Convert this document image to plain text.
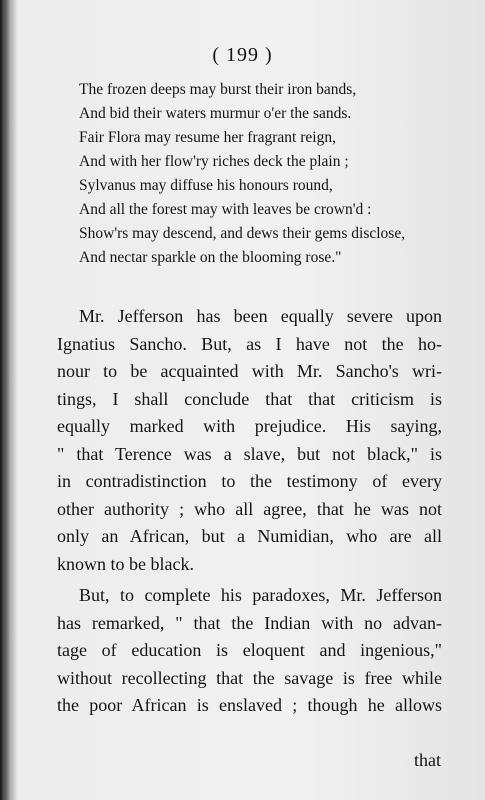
( 199 )
The frozen deeps may burst their iron bands,
And bid their waters murmur o'er the sands.
Fair Flora may resume her fragrant reign,
And with her flow'ry riches deck the plain ;
Sylvanus may diffuse his honours round,
And all the forest may with leaves be crown'd :
Show'rs may descend, and dews their gems disclose,
And nectar sparkle on the blooming rose."
Mr. Jefferson has been equally severe upon
Ignatius Sancho. But, as I have not the ho-
nour to be acquainted with Mr. Sancho's wri-
tings, I shall conclude that that criticism is
equally marked with prejudice. His saying,
" that Terence was a slave, but not black," is
in contradistinction to the testimony of every
other authority ; who all agree, that he was not
only an African, but a Numidian, who are all
known to be black.
But, to complete his paradoxes, Mr. Jefferson
has remarked, " that the Indian with no advan-
tage of education is eloquent and ingenious,"
without recollecting that the savage is free while
the poor African is enslaved ; though he allows
that
